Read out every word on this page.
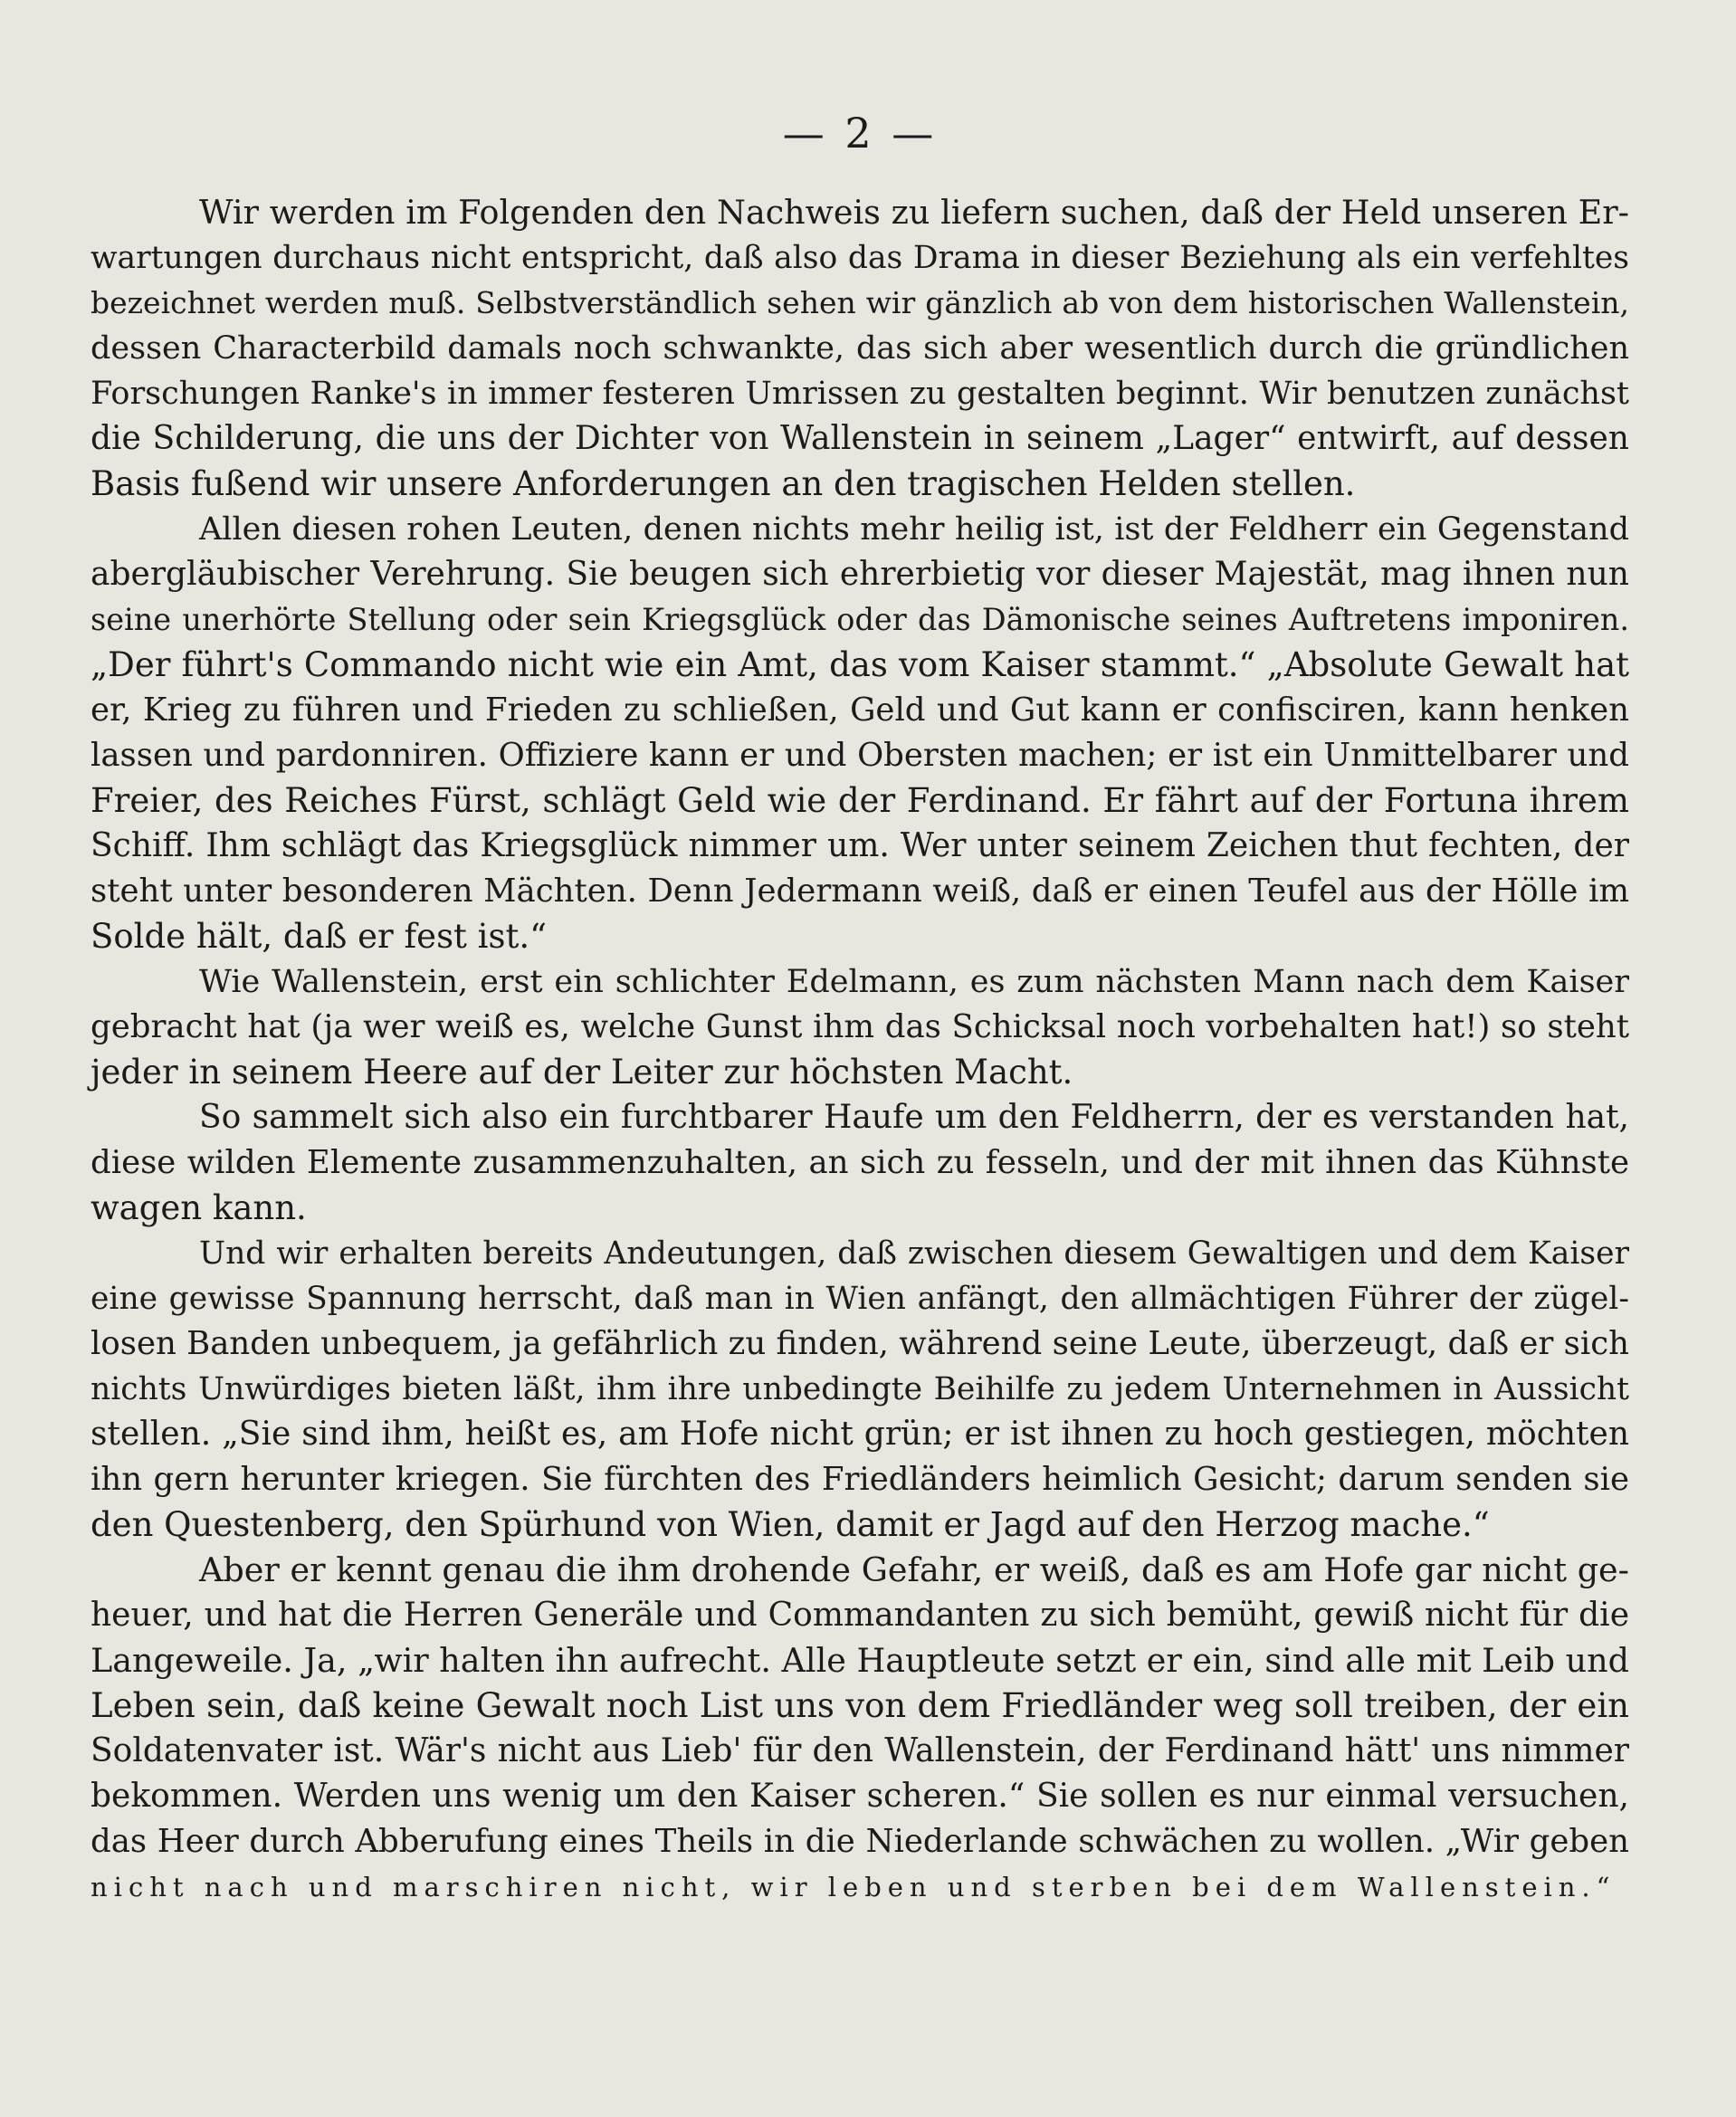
— 2 —

Wir werden im Folgenden den Nachweis zu liefern suchen, daß der Held unseren Er-
wartungen durchaus nicht entspricht, daß also das Drama in dieser Beziehung als ein verfehltes
bezeichnet werden muß. Selbstverständlich sehen wir gänzlich ab von dem historischen Wallenstein,
dessen Characterbild damals noch schwankte, das sich aber wesentlich durch die gründlichen
Forschungen Ranke's in immer festeren Umrissen zu gestalten beginnt. Wir benutzen zunächst
die Schilderung, die uns der Dichter von Wallenstein in seinem „Lager“ entwirft, auf dessen
Basis fußend wir unsere Anforderungen an den tragischen Helden stellen.

Allen diesen rohen Leuten, denen nichts mehr heilig ist, ist der Feldherr ein Gegenstand
abergläubischer Verehrung. Sie beugen sich ehrerbietig vor dieser Majestät, mag ihnen nun
seine unerhörte Stellung oder sein Kriegsglück oder das Dämonische seines Auftretens imponiren.
„Der führt's Commando nicht wie ein Amt, das vom Kaiser stammt.“ „Absolute Gewalt hat
er, Krieg zu führen und Frieden zu schließen, Geld und Gut kann er confisciren, kann henken
lassen und pardonniren. Offiziere kann er und Obersten machen; er ist ein Unmittelbarer und
Freier, des Reiches Fürst, schlägt Geld wie der Ferdinand. Er fährt auf der Fortuna ihrem
Schiff. Ihm schlägt das Kriegsglück nimmer um. Wer unter seinem Zeichen thut fechten, der
steht unter besonderen Mächten. Denn Jedermann weiß, daß er einen Teufel aus der Hölle im
Solde hält, daß er fest ist.“

Wie Wallenstein, erst ein schlichter Edelmann, es zum nächsten Mann nach dem Kaiser
gebracht hat (ja wer weiß es, welche Gunst ihm das Schicksal noch vorbehalten hat!) so steht
jeder in seinem Heere auf der Leiter zur höchsten Macht.

So sammelt sich also ein furchtbarer Haufe um den Feldherrn, der es verstanden hat,
diese wilden Elemente zusammenzuhalten, an sich zu fesseln, und der mit ihnen das Kühnste
wagen kann.

Und wir erhalten bereits Andeutungen, daß zwischen diesem Gewaltigen und dem Kaiser
eine gewisse Spannung herrscht, daß man in Wien anfängt, den allmächtigen Führer der zügel-
losen Banden unbequem, ja gefährlich zu finden, während seine Leute, überzeugt, daß er sich
nichts Unwürdiges bieten läßt, ihm ihre unbedingte Beihilfe zu jedem Unternehmen in Aussicht
stellen. „Sie sind ihm, heißt es, am Hofe nicht grün; er ist ihnen zu hoch gestiegen, möchten
ihn gern herunter kriegen. Sie fürchten des Friedländers heimlich Gesicht; darum senden sie
den Questenberg, den Spürhund von Wien, damit er Jagd auf den Herzog mache.“

Aber er kennt genau die ihm drohende Gefahr, er weiß, daß es am Hofe gar nicht ge-
heuer, und hat die Herren Generäle und Commandanten zu sich bemüht, gewiß nicht für die
Langeweile. Ja, „wir halten ihn aufrecht. Alle Hauptleute setzt er ein, sind alle mit Leib und
Leben sein, daß keine Gewalt noch List uns von dem Friedländer weg soll treiben, der ein
Soldatenvater ist. Wär's nicht aus Lieb' für den Wallenstein, der Ferdinand hätt' uns nimmer
bekommen. Werden uns wenig um den Kaiser scheren.“ Sie sollen es nur einmal versuchen,
das Heer durch Abberufung eines Theils in die Niederlande schwächen zu wollen. „Wir geben
nicht nach und marschiren nicht, wir leben und sterben bei dem Wallenstein.“
